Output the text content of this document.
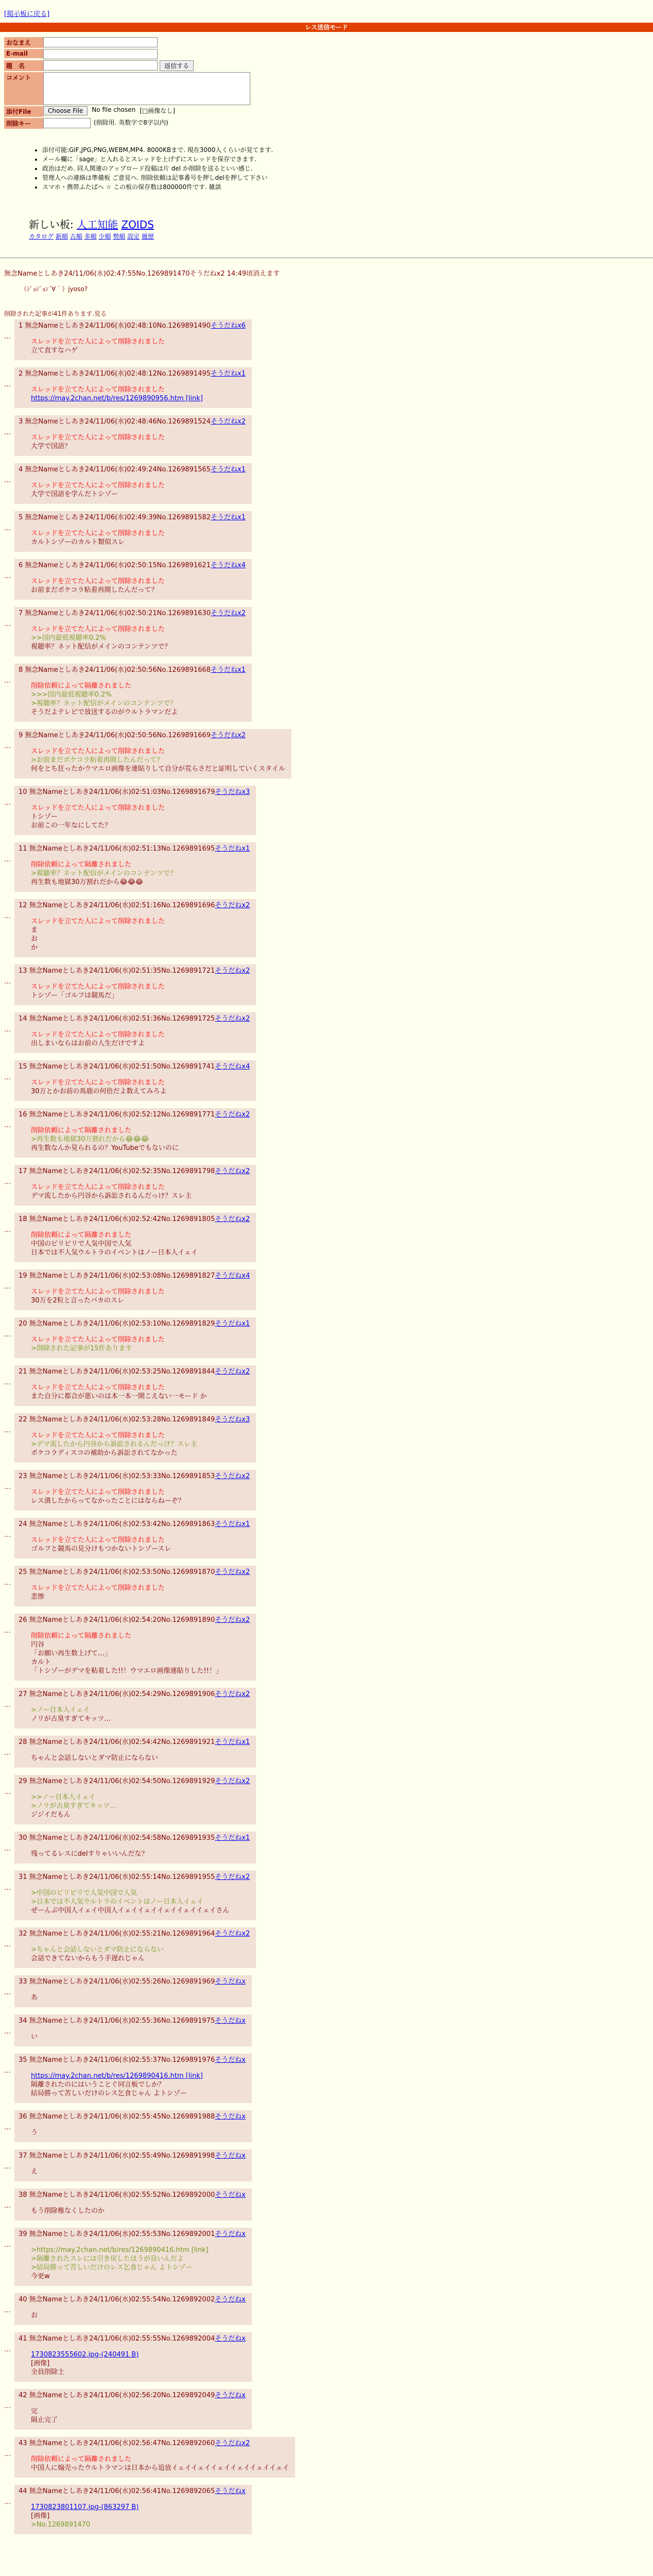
[掲示板に戻る]
レス送信モード
おなまえ
E-mail
題　名	返信する
コメント
添付File	Choose File	No file chosen [□画像なし]
削除キー	(削除用. 英数字で8字以内)
• 添付可能:GIF,JPG,PNG,WEBM,MP4. 8000KBまで. 現在3000人くらいが見てます.
• メール欄に「sage」と入れるとスレッドを上げずにスレッドを保存できます.
• 政治はだめ. 同人関連のアップロード投稿は片 del か削除を送るといい感じ.
• 管理人への連絡は準備板 ご意見へ. 削除依頼は記事番号を押しdelを押して下さい
• スマホ・携帯ふたばへ ☆ この板の保存数は800000件です. 雑談
新しい板: 人工知能 ZOIDS
カタログ 新順 古順 多順 少順 勢順 設定 履歴
無念Nameとしあき24/11/06(水)02:47:55No.1269891470そうだねx2 14:49頃消えます
（ｼﾞｮｼﾞｮﾝ´∀｀）jyoso?
削除された記事が41件あります.見る
…
1 無念Nameとしあき24/11/06(水)02:48:10No.1269891490そうだねx6
スレッドを立てた人によって削除されました
立て直すなハゲ
…
2 無念Nameとしあき24/11/06(水)02:48:12No.1269891495そうだねx1
スレッドを立てた人によって削除されました
https://may.2chan.net/b/res/1269890956.htm [link]
…
3 無念Nameとしあき24/11/06(水)02:48:46No.1269891524そうだねx2
スレッドを立てた人によって削除されました
大学で国語？
…
4 無念Nameとしあき24/11/06(水)02:49:24No.1269891565そうだねx1
スレッドを立てた人によって削除されました
大学で国語を学んだトシゾー
…
5 無念Nameとしあき24/11/06(水)02:49:39No.1269891582そうだねx1
スレッドを立てた人によって削除されました
カルトシゾーのカルト類似スレ
…
6 無念Nameとしあき24/11/06(水)02:50:15No.1269891621そうだねx4
スレッドを立てた人によって削除されました
お前まだポケコラ粘着再開したんだって？
…
7 無念Nameとしあき24/11/06(水)02:50:21No.1269891630そうだねx2
スレッドを立てた人によって削除されました
>>国内最低視聴率0.2%
視聴率？ネット配信がメインのコンテンツで？
…
8 無念Nameとしあき24/11/06(水)02:50:56No.1269891668そうだねx1
削除依頼によって隔離されました
>>>国内最低視聴率0.2%
>視聴率？ネット配信がメインのコンテンツで？
そうだよテレビで放送するのがウルトラマンだよ
…
9 無念Nameとしあき24/11/06(水)02:50:56No.1269891669そうだねx2
スレッドを立てた人によって削除されました
>お前まだポケコラ粘着再開したんだって？
何をとち狂ったかウマエロ画像を連貼りして自分が荒らさだと証明していくスタイル
…
10 無念Nameとしあき24/11/06(水)02:51:03No.1269891679そうだねx3
スレッドを立てた人によって削除されました
トシゾー
お前この一年なにしてた？
…
11 無念Nameとしあき24/11/06(水)02:51:13No.1269891695そうだねx1
削除依頼によって隔離されました
>視聴率？ネット配信がメインのコンテンツで？
再生数も地獄30万割れだから😂😂😂
…
12 無念Nameとしあき24/11/06(水)02:51:16No.1269891696そうだねx2
スレッドを立てた人によって削除されました
ま
お
か
…
13 無念Nameとしあき24/11/06(水)02:51:35No.1269891721そうだねx2
スレッドを立てた人によって削除されました
トシゾー「ゴルフは競馬だ」
…
14 無念Nameとしあき24/11/06(水)02:51:36No.1269891725そうだねx2
スレッドを立てた人によって削除されました
出しまいならはお前の人生だけですよ
…
15 無念Nameとしあき24/11/06(水)02:51:50No.1269891741そうだねx4
スレッドを立てた人によって削除されました
30万とかお前の馬鹿の何倍だよ数えてみろよ
…
16 無念Nameとしあき24/11/06(水)02:52:12No.1269891771そうだねx2
削除依頼によって隔離されました
>再生数も地獄30万割れだから😂😂😂
再生数なんか見られるの？YouTubeでもないのに
…
17 無念Nameとしあき24/11/06(水)02:52:35No.1269891798そうだねx2
スレッドを立てた人によって削除されました
デマ流したから円谷から訴訟されるんだっけ？スレ主
…
18 無念Nameとしあき24/11/06(水)02:52:42No.1269891805そうだねx2
削除依頼によって隔離されました
中国のビリビリで人気中国で人気
日本では不人気ウルトラのイベントはノー日本人イェイ
…
19 無念Nameとしあき24/11/06(水)02:53:08No.1269891827そうだねx4
スレッドを立てた人によって削除されました
30万を2粒と言ったバカのスレ
…
20 無念Nameとしあき24/11/06(水)02:53:10No.1269891829そうだねx1
スレッドを立てた人によって削除されました
>削除された記事が15件あります
…
21 無念Nameとしあき24/11/06(水)02:53:25No.1269891844そうだねx2
スレッドを立てた人によって削除されました
また自分に都合が悪いのは本一本一開こえない一モード か
…
22 無念Nameとしあき24/11/06(水)02:53:28No.1269891849そうだねx3
スレッドを立てた人によって削除されました
>デマ流したから円谷から訴訟されるんだっけ？スレ主
ポケコラディスコの補助から訴訟されてなかった
…
23 無念Nameとしあき24/11/06(水)02:53:33No.1269891853そうだねx2
スレッドを立てた人によって削除されました
レス潰したからってなかったことにはならねーぞ？
…
24 無念Nameとしあき24/11/06(水)02:53:42No.1269891863そうだねx1
スレッドを立てた人によって削除されました
ゴルフと競馬の見分けもつかないトシゾースレ
…
25 無念Nameとしあき24/11/06(水)02:53:50No.1269891870そうだねx2
スレッドを立てた人によって削除されました
悲惨
…
26 無念Nameとしあき24/11/06(水)02:54:20No.1269891890そうだねx2
削除依頼によって隔離されました
円谷
「お願い再生数上げて…」
カルト
「トシゾーがデマを粘着した!!！ウマエロ画像連貼りした!!！」
…
27 無念Nameとしあき24/11/06(水)02:54:29No.1269891906そうだねx2
>ノー日本人イェイ
ノリが古臭すぎてキッツ…
…
28 無念Nameとしあき24/11/06(水)02:54:42No.1269891921そうだねx1
ちゃんと会話しないとダマ防止にならない
…
29 無念Nameとしあき24/11/06(水)02:54:50No.1269891929そうだねx2
>>ノー日本人イェイ
>ノリが古臭すぎてキッツ…
ジジイだもん
…
30 無念Nameとしあき24/11/06(水)02:54:58No.1269891935そうだねx1
残ってるレスにdelすりゃいいんだな？
…
31 無念Nameとしあき24/11/06(水)02:55:14No.1269891955そうだねx2
>中国のビリビリで人気中国で人気
>日本では不人気ウルトラのイベントはノー日本人イェイ
ぜーんぶ中国人イェイ中国人イェイイェイイェイイェイイェイさん
…
32 無念Nameとしあき24/11/06(水)02:55:21No.1269891964そうだねx2
>ちゃんと会話しないとダマ防止にならない
会話できてないからもう手遅れじゃん
…
33 無念Nameとしあき24/11/06(水)02:55:26No.1269891969そうだねx
あ
…
34 無念Nameとしあき24/11/06(水)02:55:36No.1269891975そうだねx
い
…
35 無念Nameとしあき24/11/06(水)02:55:37No.1269891976そうだねx
https://may.2chan.net/b/res/1269890416.htm [link]
隔離されたのにはいうことぐ同言板でしか？
結局勝って苦しいだけのレス乞食じゃん よトシゾー
…
36 無念Nameとしあき24/11/06(水)02:55:45No.1269891988そうだねx
う
…
37 無念Nameとしあき24/11/06(水)02:55:49No.1269891998そうだねx
え
…
38 無念Nameとしあき24/11/06(水)02:55:52No.1269892000そうだねx
もう削除権なくしたのか
…
39 無念Nameとしあき24/11/06(水)02:55:53No.1269892001そうだねx
>https://may.2chan.net/b/res/1269890416.htm [link]
>隔離されたスレには引き戻したほうが良いんだよ
>結局勝って苦しいだけのレス乞食じゃん よトシゾー
今更w
…
40 無念Nameとしあき24/11/06(水)02:55:54No.1269892002そうだねx
お
…
41 無念Nameとしあき24/11/06(水)02:55:55No.1269892004そうだねx
1730823555602.jpg-(240491 B)
[画像]
全員削除土
…
42 無念Nameとしあき24/11/06(水)02:56:20No.1269892049そうだねx
完
隔止完了
…
43 無念Nameとしあき24/11/06(水)02:56:47No.1269892060そうだねx2
削除依頼によって隔離されました
中国人に煽売ったウルトラマンは日本から追放イェイイェイイェイイェイイェイイェイ
…
44 無念Nameとしあき24/11/06(水)02:56:41No.1269892065そうだねx
1730823801107.jpg-(863297 B)
[画像]
>No.1269891470
